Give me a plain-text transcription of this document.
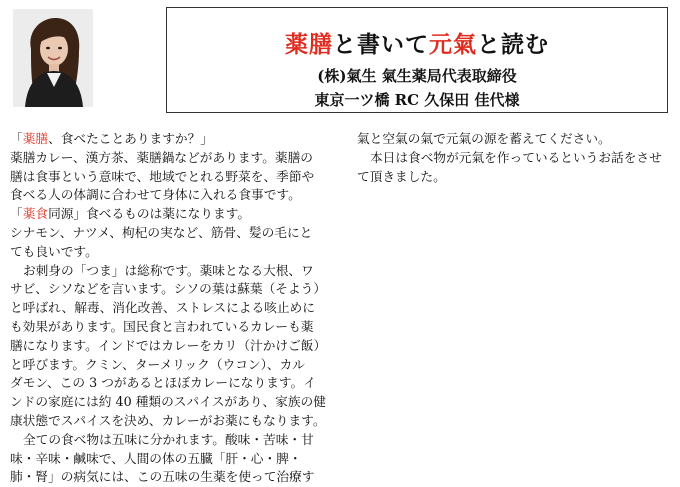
薬膳と書いて元氣と読む
(株)氣生 氣生薬局代表取締役
東京一ツ橋 RC 久保田 佳代様
「薬膳、食べたことありますか？」
薬膳カレー、漢方茶、薬膳鍋などがあります。薬膳の
膳は食事という意味で、地域でとれる野菜を、季節や
食べる人の体調に合わせて身体に入れる食事です。
「薬食同源」食べるものは薬になります。
シナモン、ナツメ、枸杞の実など、筋骨、髪の毛にと
ても良いです。
お刺身の「つま」は総称です。薬味となる大根、ワ
サビ、シソなどを言います。シソの葉は蘇葉（そよう）
と呼ばれ、解毒、消化改善、ストレスによる咳止めに
も効果があります。国民食と言われているカレーも薬
膳になります。インドではカレーをカリ（汁かけご飯）
と呼びます。クミン、ターメリック（ウコン）、カル
ダモン、この 3 つがあるとほぼカレーになります。イ
ンドの家庭には約 40 種類のスパイスがあり、家族の健
康状態でスパイスを決め、カレーがお薬にもなります。
全ての食べ物は五味に分かれます。酸味・苦味・甘
味・辛味・鹹味で、人間の体の五臓「肝・心・脾・
肺・腎」の病気には、この五味の生薬を使って治療す
氣と空氣の氣で元氣の源を蓄えてください。
本日は食べ物が元氣を作っているというお話をさせ
て頂きました。
